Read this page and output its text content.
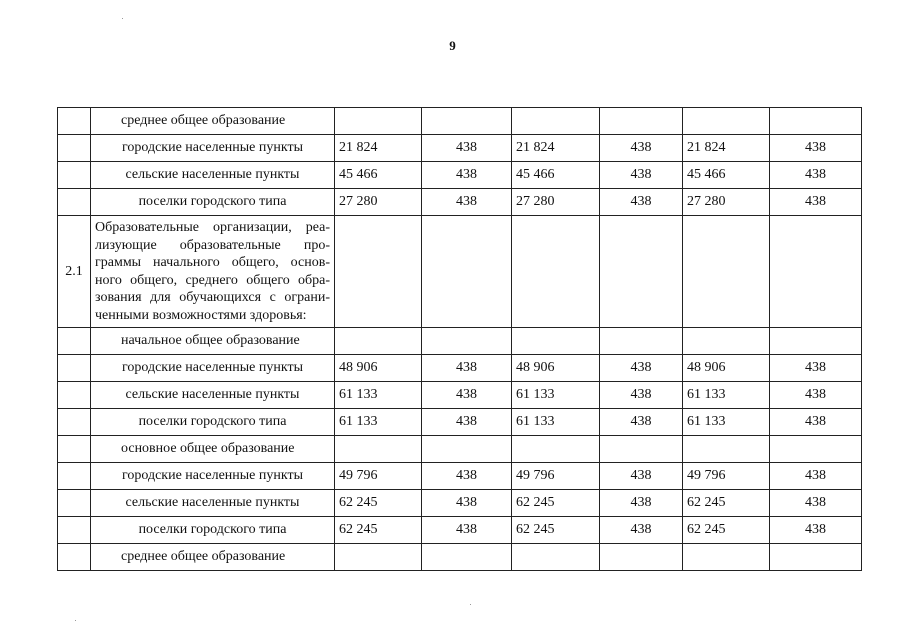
9
	среднее общее образование						
	городские населенные пункты	21 824	438	21 824	438	21 824	438
	сельские населенные пункты	45 466	438	45 466	438	45 466	438
	поселки городского типа	27 280	438	27 280	438	27 280	438
2.1	Образовательные организации, реа-лизующие образовательные про-граммы начального общего, основ-ного общего, среднего общего обра-зования для обучающихся с ограни-ченными возможностями здоровья:						
	начальное общее образование						
	городские населенные пункты	48 906	438	48 906	438	48 906	438
	сельские населенные пункты	61 133	438	61 133	438	61 133	438
	поселки городского типа	61 133	438	61 133	438	61 133	438
	основное общее образование						
	городские населенные пункты	49 796	438	49 796	438	49 796	438
	сельские населенные пункты	62 245	438	62 245	438	62 245	438
	поселки городского типа	62 245	438	62 245	438	62 245	438
	среднее общее образование						
